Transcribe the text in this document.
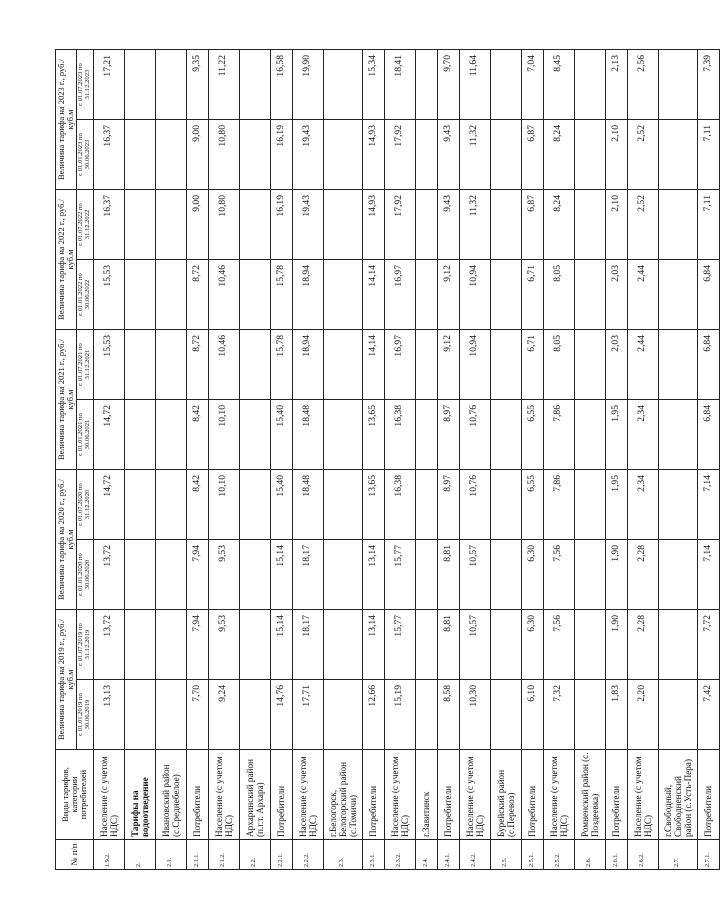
№ п/п	Виды тарифов, категории потребителей	Величина тарифа на 2019 г., руб./куб.м		Величина тарифа на 2020 г., руб./куб.м		Величина тарифа на 2021 г., руб./куб.м		Величина тарифа на 2022 г., руб./куб.м		Величина тарифа на 2023 г., руб./куб.м	
		с 01.01.2019 по 30.06.2019	с 01.07.2019 по 31.12.2019	с 01.01.2020 по 30.06.2020	с 01.07.2020 по 31.12.2020	с 01.01.2021 по 30.06.2021	с 01.07.2021 по 31.12.2021	с 01.01.2022 по 30.06.2022	с 01.07.2022 по 31.12.2022	с 01.01.2023 по 30.06.2023	с 01.07.2023 по 31.12.2023
1.9.2.	Население (с учетом НДС)	13,13	13,72	13,72	14,72	14,72	15,53	15,53	16,37	16,37	17,21
2.	Тарифы на водоотведение										
2.1.	Ивановский район (с.Среднебелое)										
2.1.1.	Потребители	7,70	7,94	7,94	8,42	8,42	8,72	8,72	9,00	9,00	9,35
2.1.2.	Население (с учетом НДС)	9,24	9,53	9,53	10,10	10,10	10,46	10,46	10,80	10,80	11,22
2.2.	Архаринский район (п.г.т. Архара)										
2.2.1.	Потребители	14,76	15,14	15,14	15,40	15,40	15,78	15,78	16,19	16,19	16,58
2.2.2.	Население (с учетом НДС)	17,71	18,17	18,17	18,48	18,48	18,94	18,94	19,43	19,43	19,90
2.3.	г.Белогорск, Белогорский район (с.Томичи)										
2.3.1.	Потребители	12,66	13,14	13,14	13,65	13,65	14,14	14,14	14,93	14,93	15,34
2.3.2.	Население (с учетом НДС)	15,19	15,77	15,77	16,38	16,38	16,97	16,97	17,92	17,92	18,41
2.4.	г.Завитинск										
2.4.1.	Потребители	8,58	8,81	8,81	8,97	8,97	9,12	9,12	9,43	9,43	9,70
2.4.2.	Население (с учетом НДС)	10,30	10,57	10,57	10,76	10,76	10,94	10,94	11,32	11,32	11,64
2.5.	Бурейский район (с.Перевоз)										
2.5.1.	Потребители	6,10	6,30	6,30	6,55	6,55	6,71	6,71	6,87	6,87	7,04
2.5.2.	Население (с учетом НДС)	7,32	7,56	7,56	7,86	7,86	8,05	8,05	8,24	8,24	8,45
2.6.	Ромненский район (с. Поздеевка)										
2.6.1.	Потребители	1,83	1,90	1,90	1,95	1,95	2,03	2,03	2,10	2,10	2,13
2.6.2.	Население (с учетом НДС)	2,20	2,28	2,28	2,34	2,34	2,44	2,44	2,52	2,52	2,56
2.7.	г.Свободный, Свободненский район (с.Усть-Пера)										
2.7.1.	Потребители	7,42	7,72	7,14	7,14	6,84	6,84	6,84	7,11	7,11	7,39
